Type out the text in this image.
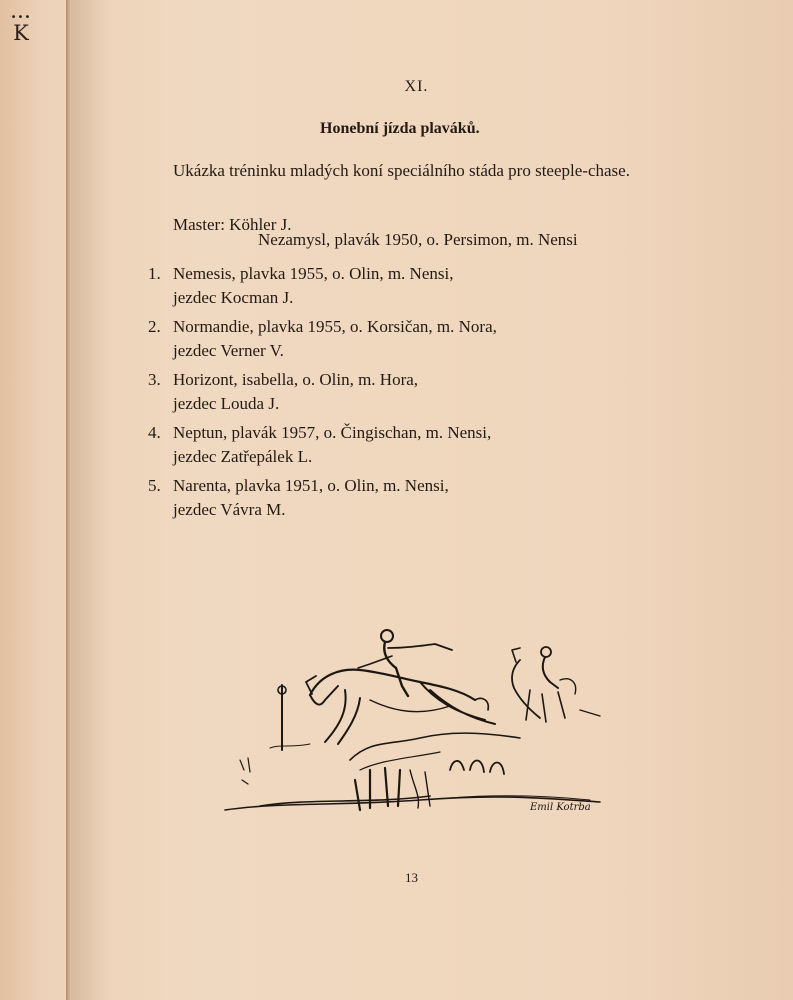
•••
K
XI.
Honební jízda plaváků.
Ukázka tréninku mladých koní speciálního stáda pro steeple-chase.
Master: Köhler J.
Nezamysl, plavák 1950, o. Persimon, m. Nensi
1. Nemesis, plavka 1955, o. Olin, m. Nensi,
jezdec Kocman J.
2. Normandie, plavka 1955, o. Korsičan, m. Nora,
jezdec Verner V.
3. Horizont, isabella, o. Olin, m. Hora,
jezdec Louda J.
4. Neptun, plavák 1957, o. Čingischan, m. Nensi,
jezdec Zatřepálek L.
5. Narenta, plavka 1951, o. Olin, m. Nensi,
jezdec Vávra M.
Emil Kotrba
13
